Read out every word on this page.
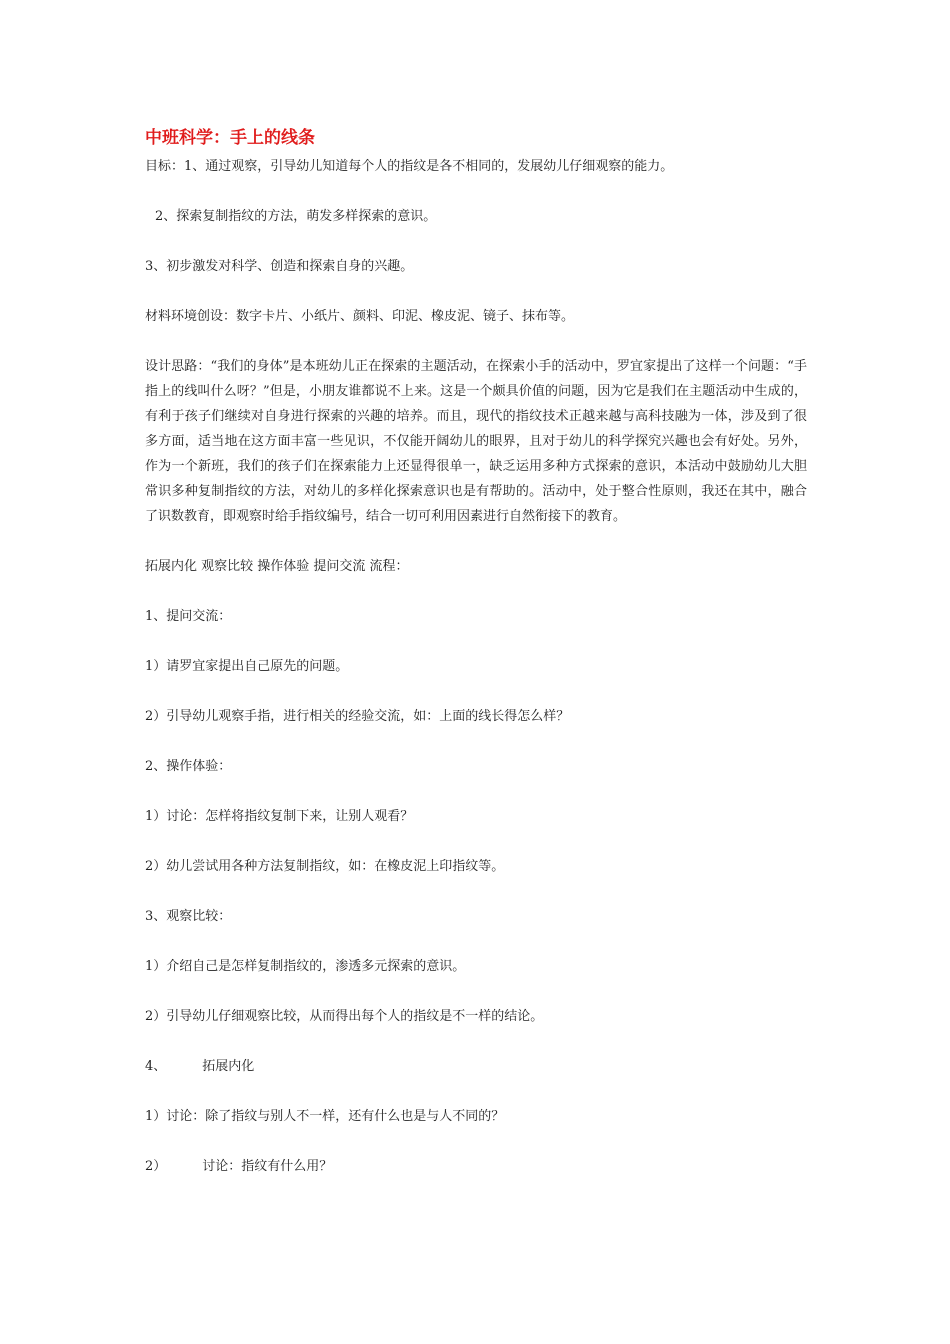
中班科学：手上的线条
目标：1、通过观察，引导幼儿知道每个人的指纹是各不相同的，发展幼儿仔细观察的能力。
2、探索复制指纹的方法，萌发多样探索的意识。
3、初步激发对科学、创造和探索自身的兴趣。
材料环境创设：数字卡片、小纸片、颜料、印泥、橡皮泥、镜子、抹布等。
设计思路：“我们的身体”是本班幼儿正在探索的主题活动，在探索小手的活动中，罗宜家提出了这样一个问题：“手指上的线叫什么呀？”但是，小朋友谁都说不上来。这是一个颇具价值的问题，因为它是我们在主题活动中生成的，有利于孩子们继续对自身进行探索的兴趣的培养。而且，现代的指纹技术正越来越与高科技融为一体，涉及到了很多方面，适当地在这方面丰富一些见识，不仅能开阔幼儿的眼界，且对于幼儿的科学探究兴趣也会有好处。另外，作为一个新班，我们的孩子们在探索能力上还显得很单一，缺乏运用多种方式探索的意识，本活动中鼓励幼儿大胆常识多种复制指纹的方法，对幼儿的多样化探索意识也是有帮助的。活动中，处于整合性原则，我还在其中，融合了识数教育，即观察时给手指纹编号，结合一切可利用因素进行自然衔接下的教育。
拓展内化 观察比较 操作体验 提问交流 流程：
1、提问交流：
1）请罗宜家提出自己原先的问题。
2）引导幼儿观察手指，进行相关的经验交流，如：上面的线长得怎么样？
2、操作体验：
1）讨论：怎样将指纹复制下来，让别人观看？
2）幼儿尝试用各种方法复制指纹，如：在橡皮泥上印指纹等。
3、观察比较：
1）介绍自己是怎样复制指纹的，渗透多元探索的意识。
2）引导幼儿仔细观察比较，从而得出每个人的指纹是不一样的结论。
4、	拓展内化
1）讨论：除了指纹与别人不一样，还有什么也是与人不同的？
2）	讨论：指纹有什么用？
